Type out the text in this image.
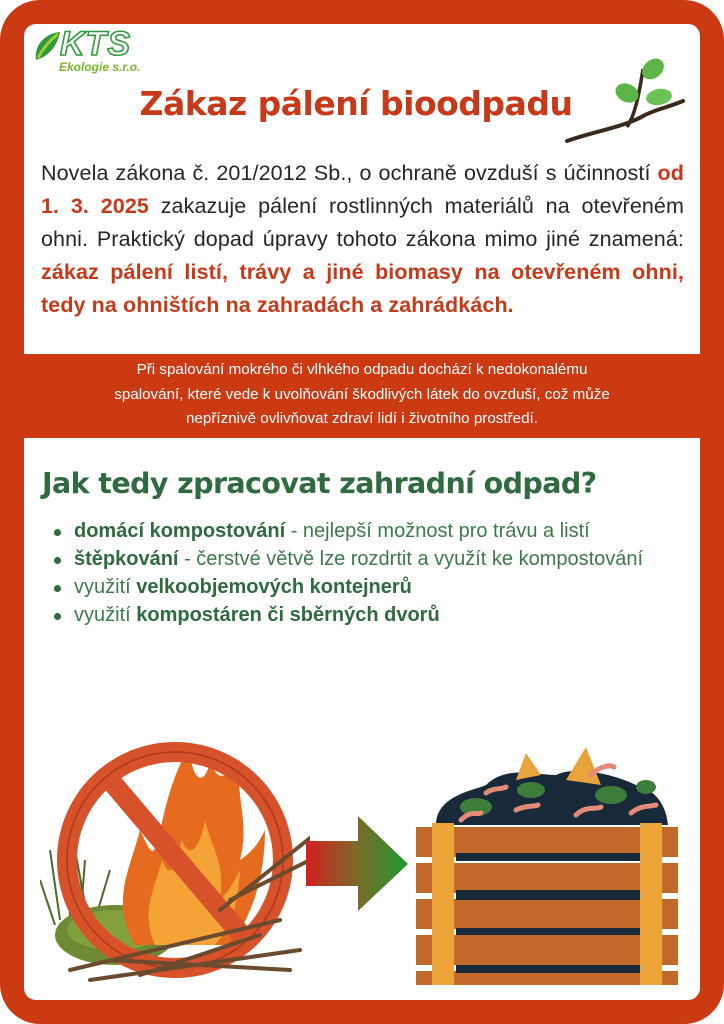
KTS
Ekologie s.r.o.
Zákaz pálení bioodpadu
Novela zákona č. 201/2012 Sb., o ochraně ovzduší s účinností od 1. 3. 2025 zakazuje pálení rostlinných materiálů na otevřeném ohni. Praktický dopad úpravy tohoto zákona mimo jiné znamená: zákaz pálení listí, trávy a jiné biomasy na otevřeném ohni, tedy na ohništích na zahradách a zahrádkách.

Při spalování mokrého či vlhkého odpadu dochází k nedokonalému

spalování, které vede k uvolňování škodlivých látek do ovzduší, což může

nepříznivě ovlivňovat zdraví lidí i životního prostředí.

Jak tedy zpracovat zahradní odpad?
domácí kompostování - nejlepší možnost pro trávu a listí
štěpkování - čerstvé větvě lze rozdrtit a využít ke kompostování
využití velkoobjemových kontejnerů
využití kompostáren či sběrných dvorů
